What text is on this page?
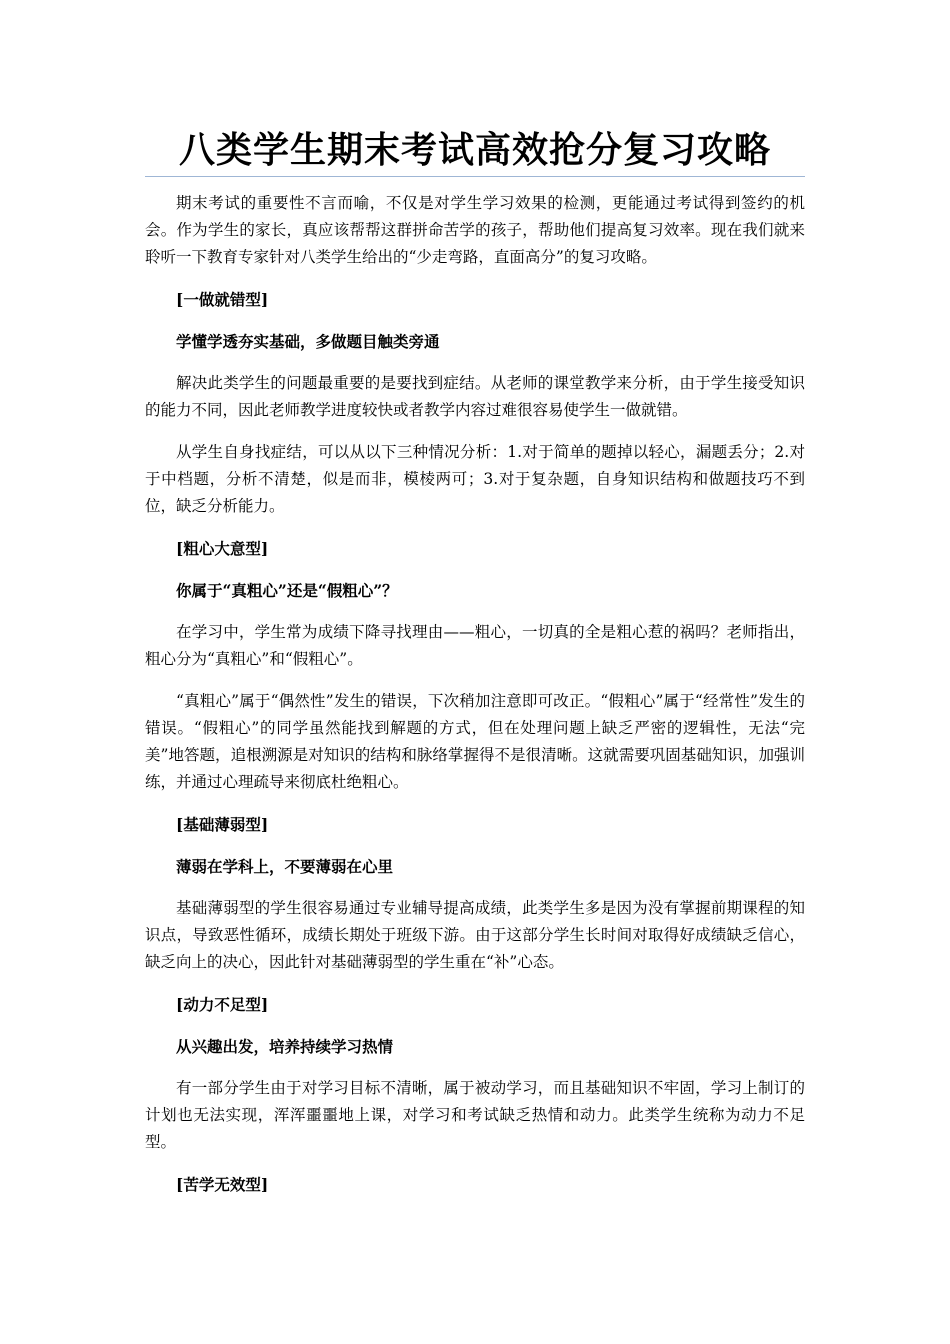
八类学生期末考试高效抢分复习攻略

期末考试的重要性不言而喻，不仅是对学生学习效果的检测，更能通过考试得到签约的机会。作为学生的家长，真应该帮帮这群拼命苦学的孩子，帮助他们提高复习效率。现在我们就来聆听一下教育专家针对八类学生给出的“少走弯路，直面高分”的复习攻略。

[一做就错型]

学懂学透夯实基础，多做题目触类旁通

解决此类学生的问题最重要的是要找到症结。从老师的课堂教学来分析，由于学生接受知识的能力不同，因此老师教学进度较快或者教学内容过难很容易使学生一做就错。

从学生自身找症结，可以从以下三种情况分析：1.对于简单的题掉以轻心，漏题丢分；2.对于中档题，分析不清楚，似是而非，模棱两可；3.对于复杂题，自身知识结构和做题技巧不到位，缺乏分析能力。

[粗心大意型]

你属于“真粗心”还是“假粗心”？

在学习中，学生常为成绩下降寻找理由——粗心，一切真的全是粗心惹的祸吗？老师指出，粗心分为“真粗心”和“假粗心”。

“真粗心”属于“偶然性”发生的错误，下次稍加注意即可改正。“假粗心”属于“经常性”发生的错误。“假粗心”的同学虽然能找到解题的方式，但在处理问题上缺乏严密的逻辑性，无法“完美”地答题，追根溯源是对知识的结构和脉络掌握得不是很清晰。这就需要巩固基础知识，加强训练，并通过心理疏导来彻底杜绝粗心。

[基础薄弱型]

薄弱在学科上，不要薄弱在心里

基础薄弱型的学生很容易通过专业辅导提高成绩，此类学生多是因为没有掌握前期课程的知识点，导致恶性循环，成绩长期处于班级下游。由于这部分学生长时间对取得好成绩缺乏信心，缺乏向上的决心，因此针对基础薄弱型的学生重在“补”心态。

[动力不足型]

从兴趣出发，培养持续学习热情

有一部分学生由于对学习目标不清晰，属于被动学习，而且基础知识不牢固，学习上制订的计划也无法实现，浑浑噩噩地上课，对学习和考试缺乏热情和动力。此类学生统称为动力不足型。

[苦学无效型]
